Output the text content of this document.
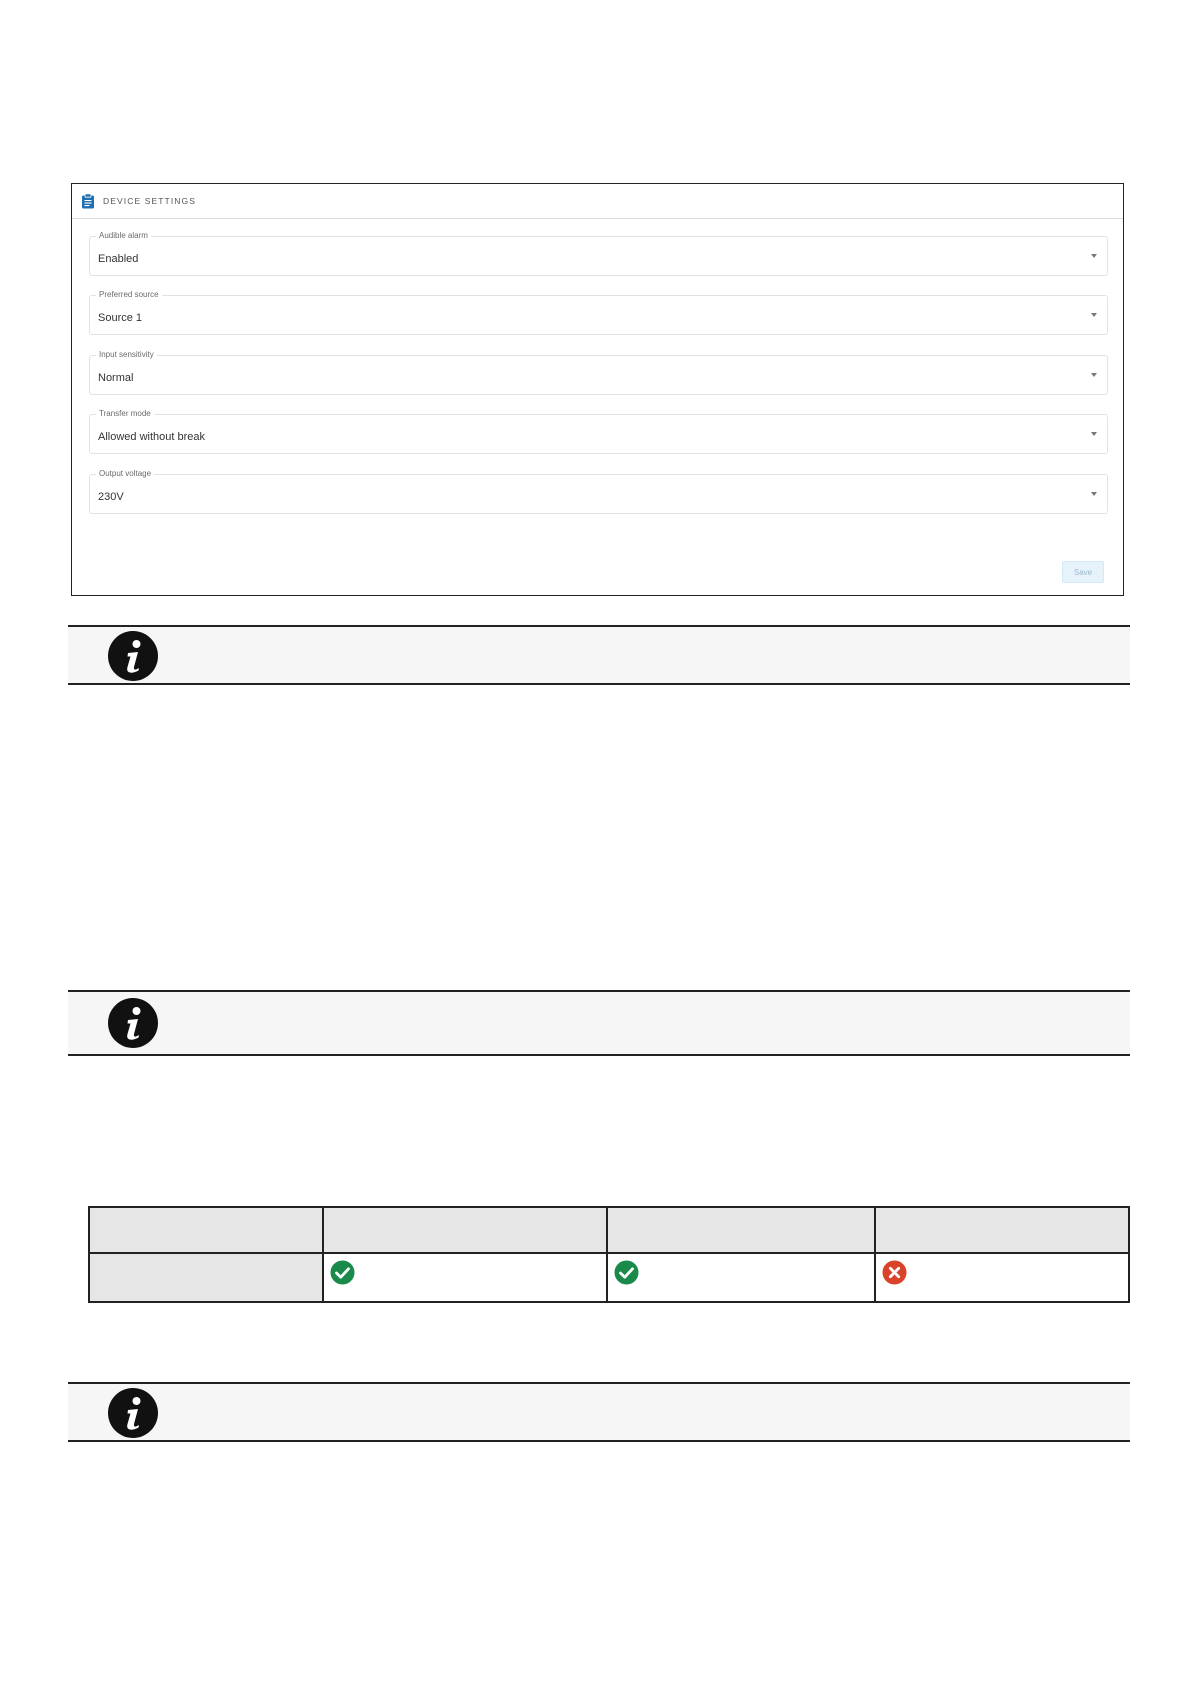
DEVICE SETTINGS
Audible alarm
Enabled
Preferred source
Source 1
Input sensitivity
Normal
Transfer mode
Allowed without break
Output voltage
230V
Save
